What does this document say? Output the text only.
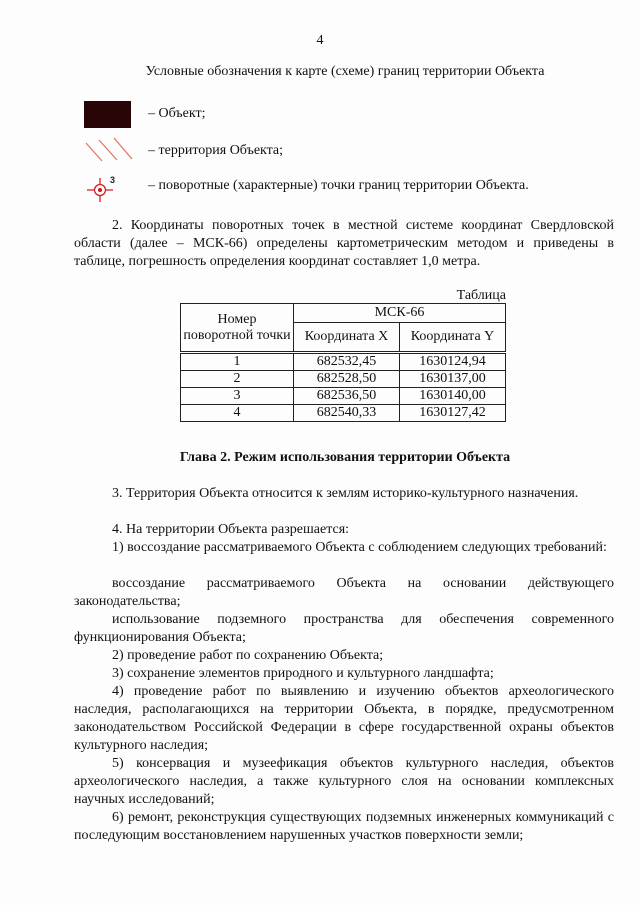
4
Условные обозначения к карте (схеме) границ территории Объекта
– Объект;
– территория Объекта;
3 – поворотные (характерные) точки границ территории Объекта.
2. Координаты поворотных точек в местной системе координат Свердловской области (далее – МСК-66) определены картометрическим методом и приведены в таблице, погрешность определения координат составляет 1,0 метра.
Таблица
Номер поворотной точки	МСК-66	
	Координата X	Координата Y
1	682532,45	1630124,94
2	682528,50	1630137,00
3	682536,50	1630140,00
4	682540,33	1630127,42
Глава 2. Режим использования территории Объекта
3. Территория Объекта относится к землям историко-культурного назначения.
4. На территории Объекта разрешается:
1) воссоздание рассматриваемого Объекта с соблюдением следующих требований:
воссоздание рассматриваемого Объекта на основании действующего законодательства;
использование подземного пространства для обеспечения современного функционирования Объекта;
2) проведение работ по сохранению Объекта;
3) сохранение элементов природного и культурного ландшафта;
4) проведение работ по выявлению и изучению объектов археологического наследия, располагающихся на территории Объекта, в порядке, предусмотренном законодательством Российской Федерации в сфере государственной охраны объектов культурного наследия;
5) консервация и музеефикация объектов культурного наследия, объектов археологического наследия, а также культурного слоя на основании комплексных научных исследований;
6) ремонт, реконструкция существующих подземных инженерных коммуникаций с последующим восстановлением нарушенных участков поверхности земли;
